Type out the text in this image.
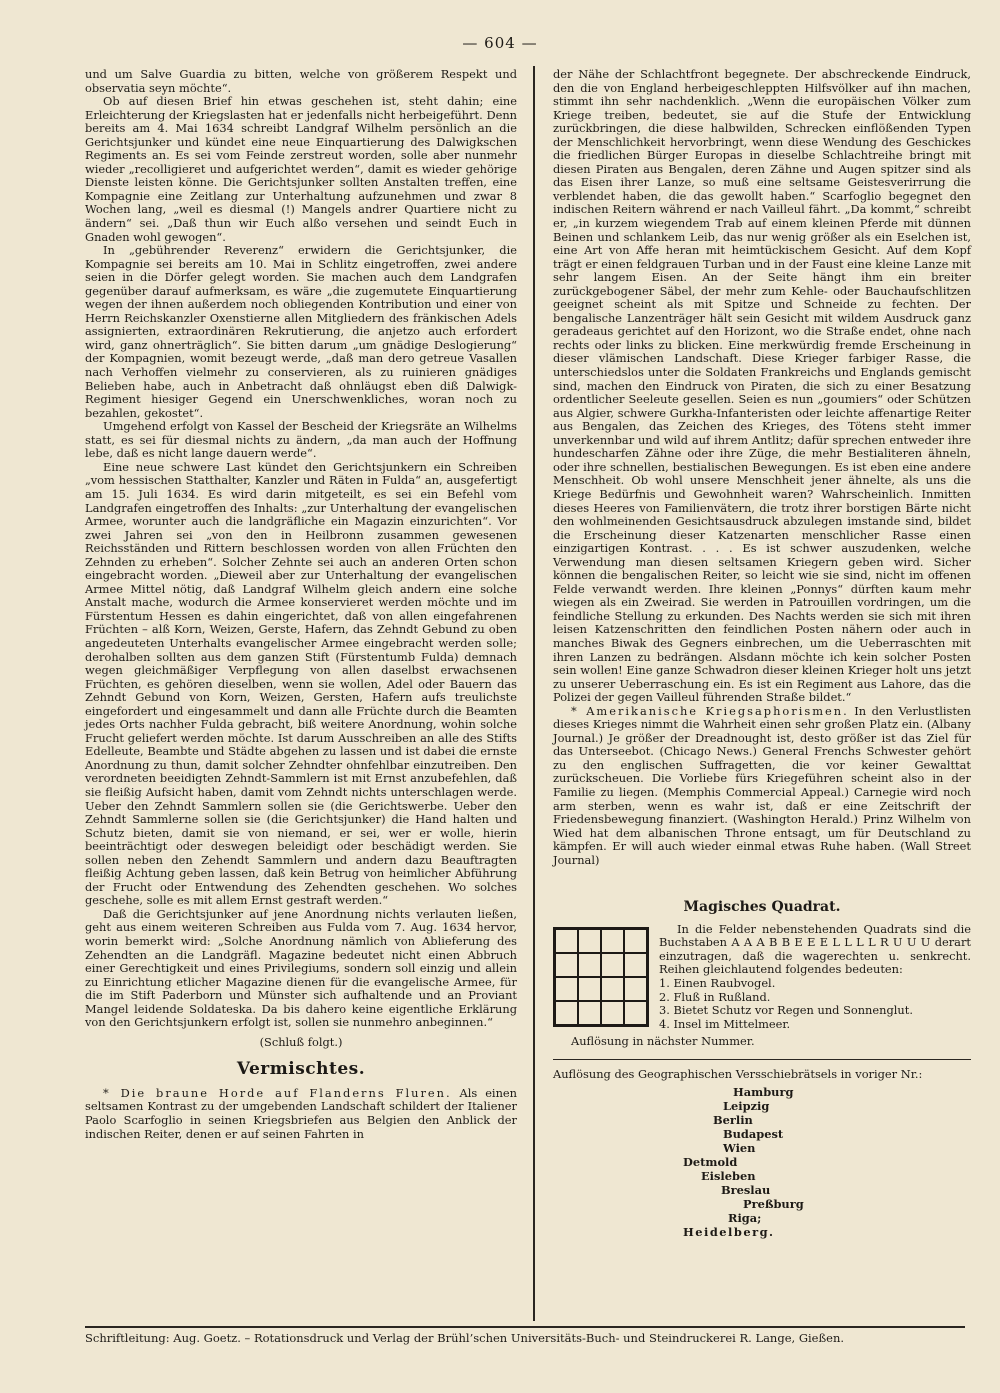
— 604 —

und um Salve Guardia zu bitten, welche von größerem Respekt und observatia seyn möchte“.

Ob auf diesen Brief hin etwas geschehen ist, steht dahin; eine Erleichterung der Kriegslasten hat er jedenfalls nicht herbeigeführt. Denn bereits am 4. Mai 1634 schreibt Landgraf Wilhelm persönlich an die Gerichtsjunker und kündet eine neue Einquartierung des Dalwigkschen Regiments an. Es sei vom Feinde zerstreut worden, solle aber nunmehr wieder „recolligieret und aufgerichtet werden“, damit es wieder gehörige Dienste leisten könne. Die Gerichtsjunker sollten Anstalten treffen, eine Kompagnie eine Zeitlang zur Unterhaltung aufzunehmen und zwar 8 Wochen lang, „weil es diesmal (!) Mangels andrer Quartiere nicht zu ändern“ sei. „Daß thun wir Euch alßo versehen und seindt Euch in Gnaden wohl gewogen“.

In „gebührender Reverenz“ erwidern die Gerichtsjunker, die Kompagnie sei bereits am 10. Mai in Schlitz eingetroffen, zwei andere seien in die Dörfer gelegt worden. Sie machen auch dem Landgrafen gegenüber darauf aufmerksam, es wäre „die zugemutete Einquartierung wegen der ihnen außerdem noch obliegenden Kontribution und einer von Herrn Reichskanzler Oxenstierne allen Mitgliedern des fränkischen Adels assignierten, extraordinären Rekrutierung, die anjetzo auch erfordert wird, ganz ohnerträglich“. Sie bitten darum „um gnädige Deslogierung“ der Kompagnien, womit bezeugt werde, „daß man dero getreue Vasallen nach Verhoffen vielmehr zu conservieren, als zu ruinieren gnädiges Belieben habe, auch in Anbetracht daß ohnläugst eben diß Dalwigk-Regiment hiesiger Gegend ein Unerschwenkliches, woran noch zu bezahlen, gekostet“.

Umgehend erfolgt von Kassel der Bescheid der Kriegsräte an Wilhelms statt, es sei für diesmal nichts zu ändern, „da man auch der Hoffnung lebe, daß es nicht lange dauern werde“.

Eine neue schwere Last kündet den Gerichtsjunkern ein Schreiben „vom hessischen Statthalter, Kanzler und Räten in Fulda“ an, ausgefertigt am 15. Juli 1634. Es wird darin mitgeteilt, es sei ein Befehl vom Landgrafen eingetroffen des Inhalts: „zur Unterhaltung der evangelischen Armee, worunter auch die landgräfliche ein Magazin einzurichten“. Vor zwei Jahren sei „von den in Heilbronn zusammen gewesenen Reichsständen und Rittern beschlossen worden von allen Früchten den Zehnden zu erheben“. Solcher Zehnte sei auch an anderen Orten schon eingebracht worden. „Dieweil aber zur Unterhaltung der evangelischen Armee Mittel nötig, daß Landgraf Wilhelm gleich andern eine solche Anstalt mache, wodurch die Armee konservieret werden möchte und im Fürstentum Hessen es dahin eingerichtet, daß von allen eingefahrenen Früchten – alß Korn, Weizen, Gerste, Hafern, das Zehndt Gebund zu oben angedeuteten Unterhalts evangelischer Armee eingebracht werden solle; derohalben sollten aus dem ganzen Stift (Fürstentumb Fulda) demnach wegen gleichmäßiger Verpflegung von allen daselbst erwachsenen Früchten, es gehören dieselben, wenn sie wollen, Adel oder Bauern das Zehndt Gebund von Korn, Weizen, Gersten, Hafern aufs treulichste eingefordert und eingesammelt und dann alle Früchte durch die Beamten jedes Orts nachher Fulda gebracht, biß weitere Anordnung, wohin solche Frucht geliefert werden möchte. Ist darum Ausschreiben an alle des Stifts Edelleute, Beambte und Städte abgehen zu lassen und ist dabei die ernste Anordnung zu thun, damit solcher Zehndter ohnfehlbar einzutreiben. Den verordneten beeidigten Zehndt-Sammlern ist mit Ernst anzubefehlen, daß sie fleißig Aufsicht haben, damit vom Zehndt nichts unterschlagen werde. Ueber den Zehndt Sammlern sollen sie (die Gerichtswerbe. Ueber den Zehndt Sammlerne sollen sie (die Gerichtsjunker) die Hand halten und Schutz bieten, damit sie von niemand, er sei, wer er wolle, hierin beeinträchtigt oder deswegen beleidigt oder beschädigt werden. Sie sollen neben den Zehendt Sammlern und andern dazu Beauftragten fleißig Achtung geben lassen, daß kein Betrug von heimlicher Abführung der Frucht oder Entwendung des Zehendten geschehen. Wo solches geschehe, solle es mit allem Ernst gestraft werden.“

Daß die Gerichtsjunker auf jene Anordnung nichts verlauten ließen, geht aus einem weiteren Schreiben aus Fulda vom 7. Aug. 1634 hervor, worin bemerkt wird: „Solche Anordnung nämlich von Ablieferung des Zehendten an die Landgräfl. Magazine bedeutet nicht einen Abbruch einer Gerechtigkeit und eines Privilegiums, sondern soll einzig und allein zu Einrichtung etlicher Magazine dienen für die evangelische Armee, für die im Stift Paderborn und Münster sich aufhaltende und an Proviant Mangel leidende Soldateska. Da bis dahero keine eigentliche Erklärung von den Gerichtsjunkern erfolgt ist, sollen sie nunmehro anbeginnen.“

(Schluß folgt.)

Vermischtes.

* Die braune Horde auf Flanderns Fluren. Als einen seltsamen Kontrast zu der umgebenden Landschaft schildert der Italiener Paolo Scarfoglio in seinen Kriegsbriefen aus Belgien den Anblick der indischen Reiter, denen er auf seinen Fahrten in

der Nähe der Schlachtfront begegnete. Der abschreckende Eindruck, den die von England herbeigeschleppten Hilfsvölker auf ihn machen, stimmt ihn sehr nachdenklich. „Wenn die europäischen Völker zum Kriege treiben, bedeutet, sie auf die Stufe der Entwicklung zurückbringen, die diese halbwilden, Schrecken einflößenden Typen der Menschlichkeit hervorbringt, wenn diese Wendung des Geschickes die friedlichen Bürger Europas in dieselbe Schlachtreihe bringt mit diesen Piraten aus Bengalen, deren Zähne und Augen spitzer sind als das Eisen ihrer Lanze, so muß eine seltsame Geistesverirrung die verblendet haben, die das gewollt haben.“ Scarfoglio begegnet den indischen Reitern während er nach Vailleul fährt. „Da kommt,“ schreibt er, „in kurzem wiegendem Trab auf einem kleinen Pferde mit dünnen Beinen und schlankem Leib, das nur wenig größer als ein Eselchen ist, eine Art von Affe heran mit heimtückischem Gesicht. Auf dem Kopf trägt er einen feldgrauen Turban und in der Faust eine kleine Lanze mit sehr langem Eisen. An der Seite hängt ihm ein breiter zurückgebogener Säbel, der mehr zum Kehle- oder Bauchaufschlitzen geeignet scheint als mit Spitze und Schneide zu fechten. Der bengalische Lanzenträger hält sein Gesicht mit wildem Ausdruck ganz geradeaus gerichtet auf den Horizont, wo die Straße endet, ohne nach rechts oder links zu blicken. Eine merkwürdig fremde Erscheinung in dieser vlämischen Landschaft. Diese Krieger farbiger Rasse, die unterschiedslos unter die Soldaten Frankreichs und Englands gemischt sind, machen den Eindruck von Piraten, die sich zu einer Besatzung ordentlicher Seeleute gesellen. Seien es nun „goumiers“ oder Schützen aus Algier, schwere Gurkha-Infanteristen oder leichte affenartige Reiter aus Bengalen, das Zeichen des Krieges, des Tötens steht immer unverkennbar und wild auf ihrem Antlitz; dafür sprechen entweder ihre hundescharfen Zähne oder ihre Züge, die mehr Bestialiteren ähneln, oder ihre schnellen, bestialischen Bewegungen. Es ist eben eine andere Menschheit. Ob wohl unsere Menschheit jener ähnelte, als uns die Kriege Bedürfnis und Gewohnheit waren? Wahrscheinlich. Inmitten dieses Heeres von Familienvätern, die trotz ihrer borstigen Bärte nicht den wohlmeinenden Gesichtsausdruck abzulegen imstande sind, bildet die Erscheinung dieser Katzenarten menschlicher Rasse einen einzigartigen Kontrast. . . . Es ist schwer auszudenken, welche Verwendung man diesen seltsamen Kriegern geben wird. Sicher können die bengalischen Reiter, so leicht wie sie sind, nicht im offenen Felde verwandt werden. Ihre kleinen „Ponnys“ dürften kaum mehr wiegen als ein Zweirad. Sie werden in Patrouillen vordringen, um die feindliche Stellung zu erkunden. Des Nachts werden sie sich mit ihren leisen Katzenschritten den feindlichen Posten nähern oder auch in manches Biwak des Gegners einbrechen, um die Ueberraschten mit ihren Lanzen zu bedrängen. Alsdann möchte ich kein solcher Posten sein wollen! Eine ganze Schwadron dieser kleinen Krieger holt uns jetzt zu unserer Ueberraschung ein. Es ist ein Regiment aus Lahore, das die Polizei der gegen Vailleul führenden Straße bildet.“

* Amerikanische Kriegsaphorismen. In den Verlustlisten dieses Krieges nimmt die Wahrheit einen sehr großen Platz ein. (Albany Journal.) Je größer der Dreadnought ist, desto größer ist das Ziel für das Unterseebot. (Chicago News.) General Frenchs Schwester gehört zu den englischen Suffragetten, die vor keiner Gewalttat zurückscheuen. Die Vorliebe fürs Kriegeführen scheint also in der Familie zu liegen. (Memphis Commercial Appeal.) Carnegie wird noch arm sterben, wenn es wahr ist, daß er eine Zeitschrift der Friedensbewegung finanziert. (Washington Herald.) Prinz Wilhelm von Wied hat dem albanischen Throne entsagt, um für Deutschland zu kämpfen. Er will auch wieder einmal etwas Ruhe haben. (Wall Street Journal)

Magisches Quadrat.

In die Felder nebenstehenden Quadrats sind die Buchstaben A A A B B E E E L L L L R U U U derart einzutragen, daß die wagerechten u. senkrecht. Reihen gleichlautend folgendes bedeuten:

1. Einen Raubvogel.

2. Fluß in Rußland.

3. Bietet Schutz vor Regen und Sonnenglut.

4. Insel im Mittelmeer.

Auflösung in nächster Nummer.

Auflösung des Geographischen Versschiebrätsels in voriger Nr.:

Hamburg
Leipzig
Berlin
Budapest
Wien
Detmold
Eisleben
Breslau
Preßburg
Riga;
Heidelberg.
Schriftleitung: Aug. Goetz. – Rotationsdruck und Verlag der Brühl’schen Universitäts-Buch- und Steindruckerei R. Lange, Gießen.
